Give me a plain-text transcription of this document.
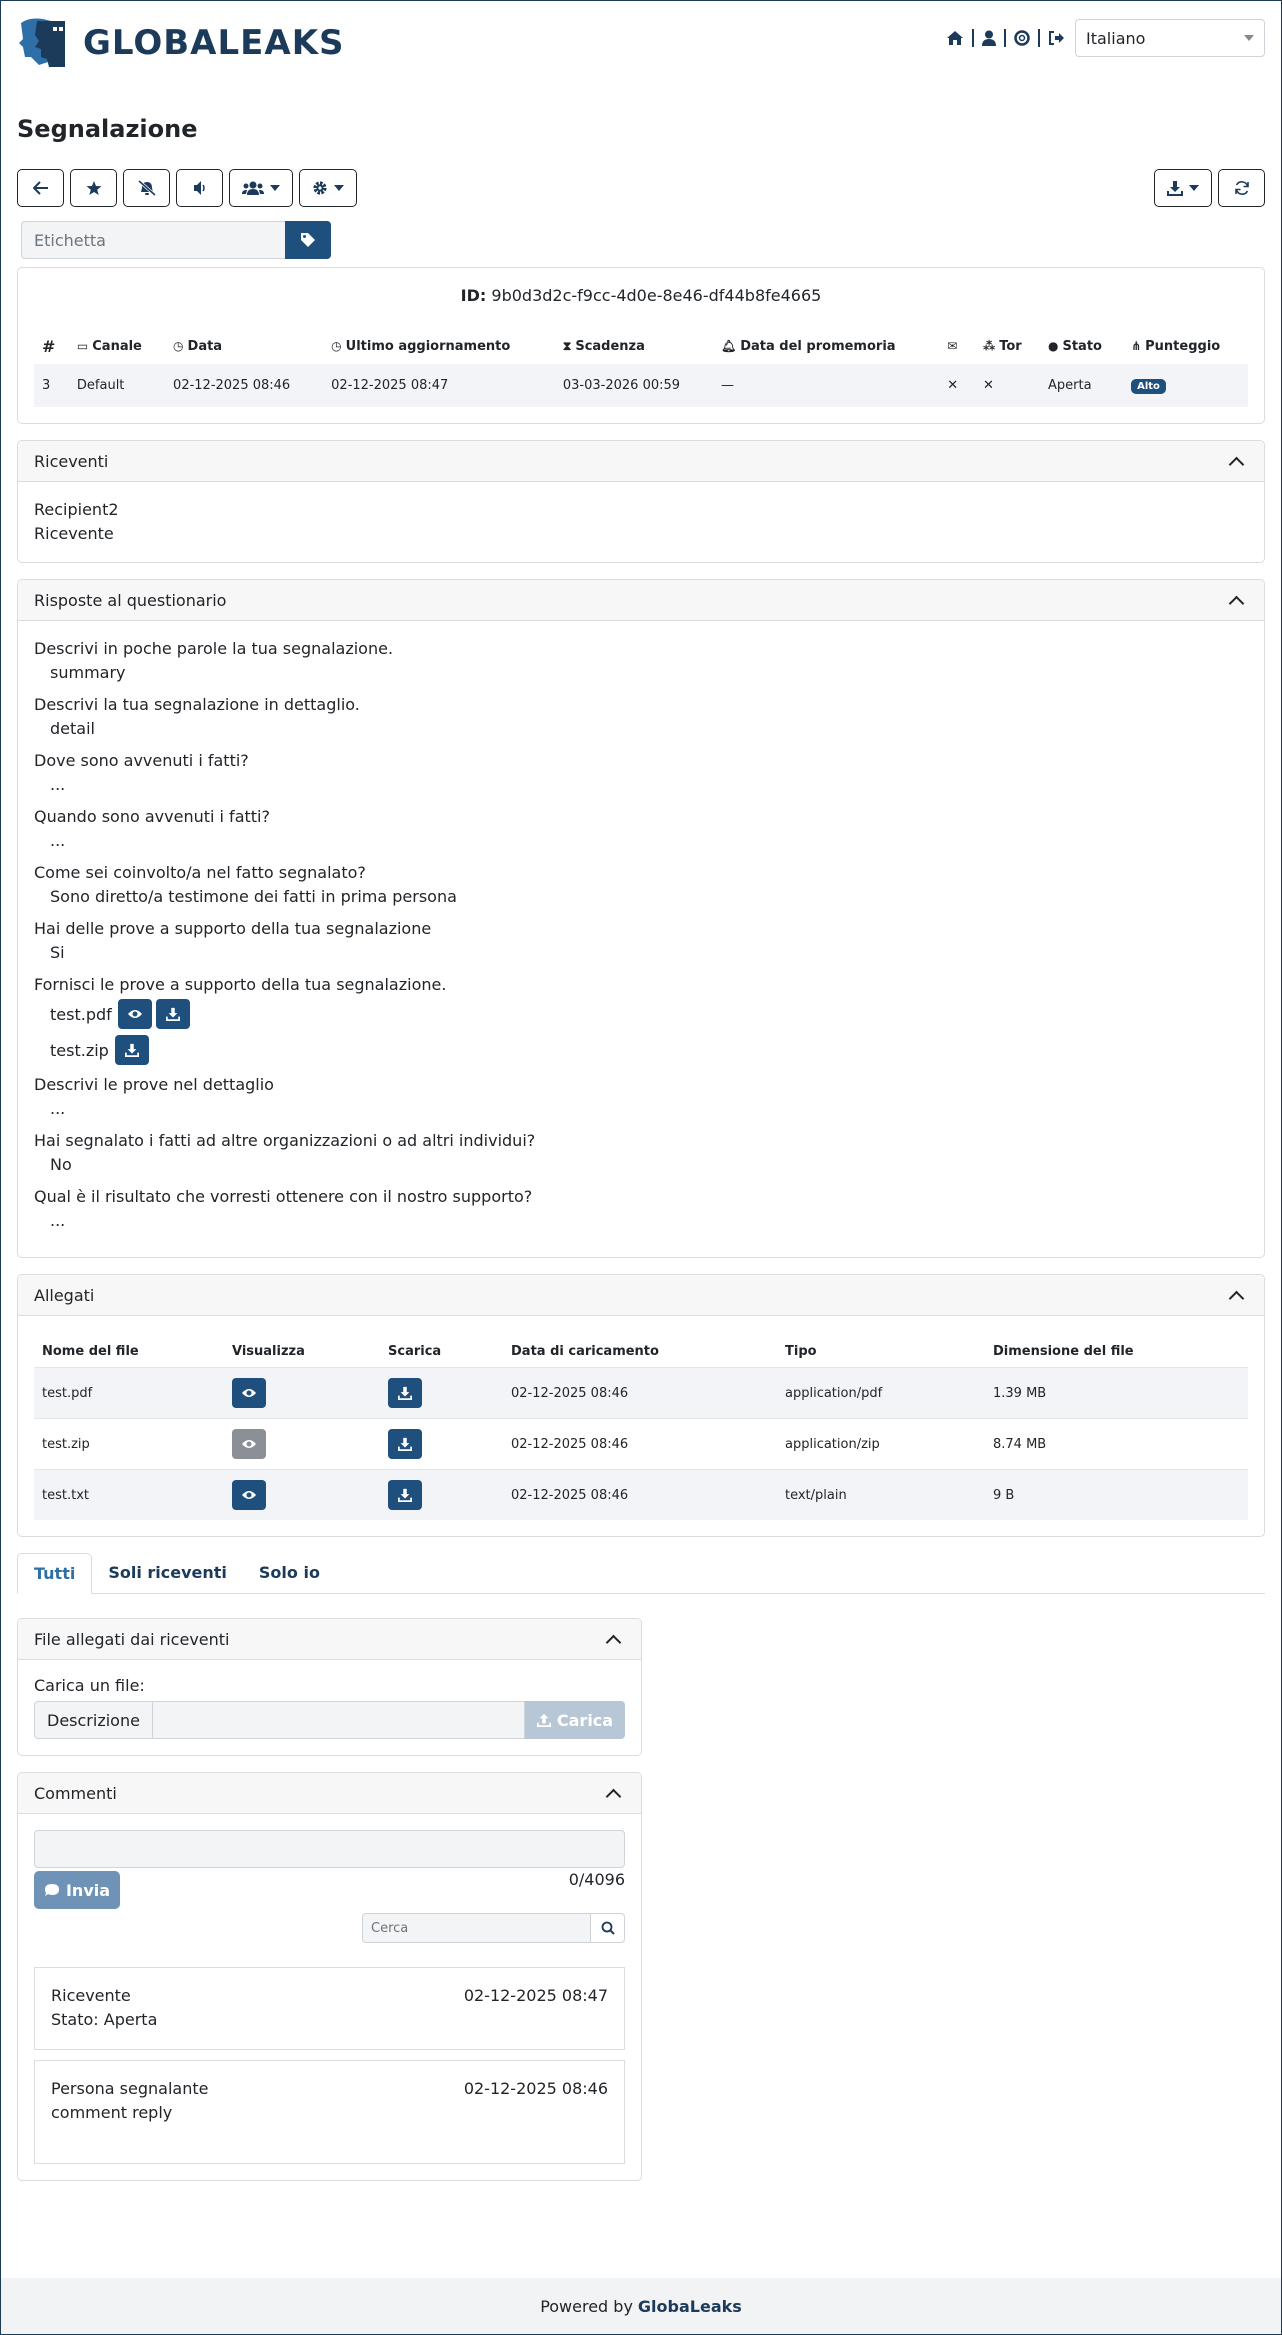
GLOBALEAKS	Italiano
Segnalazione
Etichetta
ID: 9b0d3d2c-f9cc-4d0e-8e46-df44b8fe4665
#	▭ Canale	◷ Data	◷ Ultimo aggiornamento	⧗ Scadenza	🔔︎ Data del promemoria	✉	⁂ Tor	● Stato	⋔ Punteggio
3	Default	02-12-2025 08:46	02-12-2025 08:47	03-03-2026 00:59	—	✕	✕	Aperta	Alto
Riceventi
Recipient2
Ricevente
Risposte al questionario
Descrivi in poche parole la tua segnalazione.
summary
Descrivi la tua segnalazione in dettaglio.
detail
Dove sono avvenuti i fatti?
...
Quando sono avvenuti i fatti?
...
Come sei coinvolto/a nel fatto segnalato?
Sono diretto/a testimone dei fatti in prima persona
Hai delle prove a supporto della tua segnalazione
Si
Fornisci le prove a supporto della tua segnalazione.
test.pdf
test.zip
Descrivi le prove nel dettaglio
...
Hai segnalato i fatti ad altre organizzazioni o ad altri individui?
No
Qual è il risultato che vorresti ottenere con il nostro supporto?
...
Allegati
Nome del file	Visualizza	Scarica	Data di caricamento	Tipo	Dimensione del file
test.pdf			02-12-2025 08:46	application/pdf	1.39 MB
test.zip			02-12-2025 08:46	application/zip	8.74 MB
test.txt			02-12-2025 08:46	text/plain	9 B
Tutti	Soli riceventi	Solo io
File allegati dai riceventi
Carica un file:
Descrizione	Carica
Commenti
0/4096
Invia
Cerca
Ricevente	02-12-2025 08:47
Stato: Aperta
Persona segnalante	02-12-2025 08:46
comment reply
Powered by GlobaLeaks
